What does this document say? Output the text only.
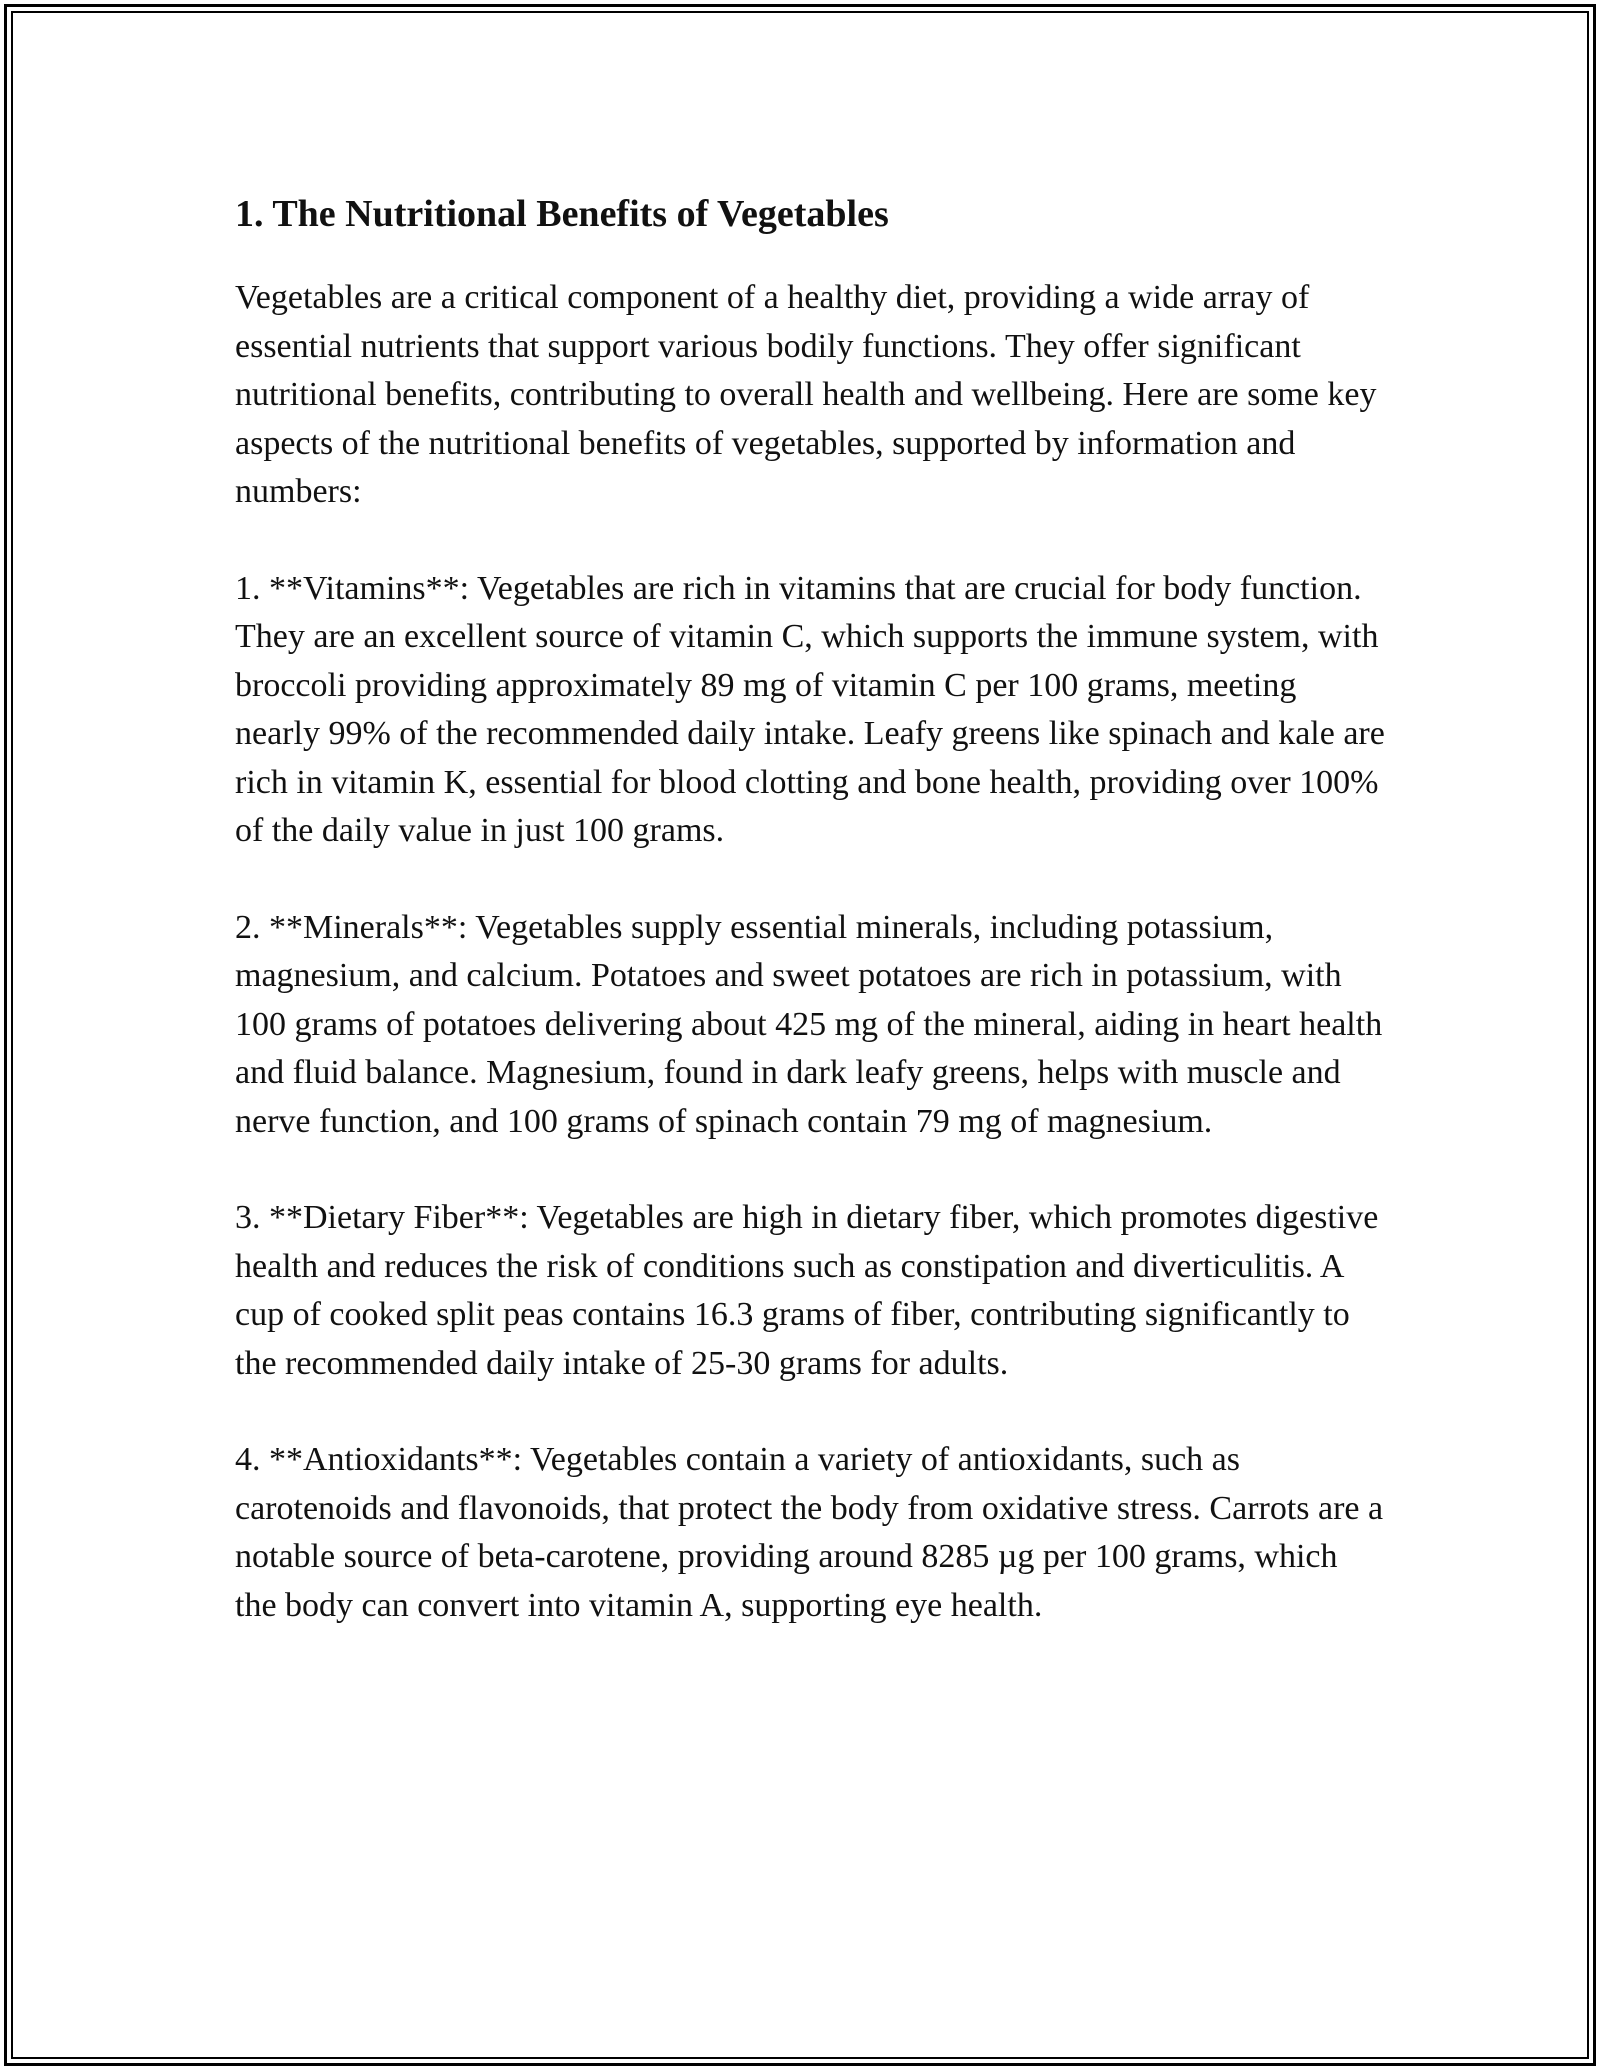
1. The Nutritional Benefits of Vegetables

Vegetables are a critical component of a healthy diet, providing a wide array of essential nutrients that support various bodily functions. They offer significant nutritional benefits, contributing to overall health and wellbeing. Here are some key aspects of the nutritional benefits of vegetables, supported by information and numbers:

1. **Vitamins**: Vegetables are rich in vitamins that are crucial for body function. They are an excellent source of vitamin C, which supports the immune system, with broccoli providing approximately 89 mg of vitamin C per 100 grams, meeting nearly 99% of the recommended daily intake. Leafy greens like spinach and kale are rich in vitamin K, essential for blood clotting and bone health, providing over 100% of the daily value in just 100 grams.

2. **Minerals**: Vegetables supply essential minerals, including potassium, magnesium, and calcium. Potatoes and sweet potatoes are rich in potassium, with 100 grams of potatoes delivering about 425 mg of the mineral, aiding in heart health and fluid balance. Magnesium, found in dark leafy greens, helps with muscle and nerve function, and 100 grams of spinach contain 79 mg of magnesium.

3. **Dietary Fiber**: Vegetables are high in dietary fiber, which promotes digestive health and reduces the risk of conditions such as constipation and diverticulitis. A cup of cooked split peas contains 16.3 grams of fiber, contributing significantly to the recommended daily intake of 25-30 grams for adults.

4. **Antioxidants**: Vegetables contain a variety of antioxidants, such as carotenoids and flavonoids, that protect the body from oxidative stress. Carrots are a notable source of beta-carotene, providing around 8285 µg per 100 grams, which the body can convert into vitamin A, supporting eye health.
